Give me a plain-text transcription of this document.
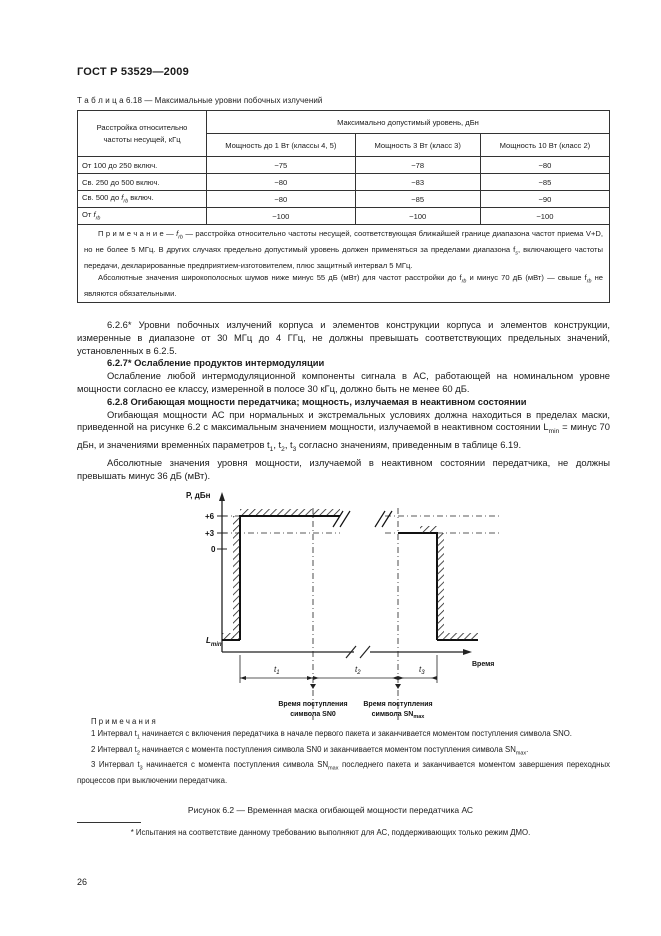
ГОСТ Р 53529—2009
Т а б л и ц а 6.18 — Максимальные уровни побочных излучений
Расстройка относительно частоты несущей, кГц	Максимально допустимый уровень, дБн		
	Мощность до 1 Вт (классы 4, 5)	Мощность 3 Вт (класс 3)	Мощность 10 Вт (класс 2)
От 100 до 250 включ.	−75	−78	−80
Св. 250 до 500 включ.	−80	−83	−85
Св. 500 до $f_{rb}$ включ.	−80	−85	−90
От $f_{rb}$	−100	−100	−100

П р и м е ч а н и е — $f_{rb}$ — расстройка относительно частоты несущей, соответствующая ближайшей границе диапазона частот приема V+D, но не более 5 МГц. В других случаях предельно допустимый уровень должен применяться за пределами диапазона $f_s$, включающего частоты передачи, декларированные предприятием-изготовителем, плюс защитный интервал 5 МГц.

Абсолютные значения широкополосных шумов ниже минус 55 дБ (мВт) для частот расстройки до $f_{rb}$ и минус 70 дБ (мВт) — свыше $f_{rb}$ не являются обязательными.			

6.2.6* Уровни побочных излучений корпуса и элементов конструкции корпуса и элементов конструкции, измеренные в диапазоне от 30 МГц до 4 ГГц, не должны превышать соответствующих предельных значений, установленных в 6.2.5.

6.2.7* Ослабление продуктов интермодуляции

Ослабление любой интермодуляционной компоненты сигнала в АС, работающей на номинальном уровне мощности согласно ее классу, измеренной в полосе 30 кГц, должно быть не менее 60 дБ.

6.2.8 Огибающая мощности передатчика; мощность, излучаемая в неактивном состоянии

Огибающая мощности АС при нормальных и экстремальных условиях должна находиться в пределах маски, приведенной на рисунке 6.2 с максимальным значением мощности, излучаемой в неактивном состоянии $L_{min}$ = минус 70 дБн, и значениями временны́х параметров $t_1$, $t_2$, $t_3$ согласно значениям, приведенным в таблице 6.19.

Абсолютные значения уровня мощности, излучаемой в неактивном состоянии передатчика, не должны превышать минус 36 дБ (мВт).

P, дБн
+6
+3
0
$L_{min}$
Время
$t_1$	$t_2$	$t_3$
Время поступления
символа SN0
Время поступления
символа $SN_{max}$

П р и м е ч а н и я

1 Интервал $t_1$ начинается с включения передатчика в начале первого пакета и заканчивается моментом поступления символа SNO.

2 Интервал $t_2$ начинается с момента поступления символа SN0 и заканчивается моментом поступления символа $SN_{max}$.

3 Интервал $t_3$ начинается с момента поступления символа $SN_{max}$ последнего пакета и заканчивается моментом завершения переходных процессов при выключении передатчика.

Рисунок 6.2 — Временная маска огибающей мощности передатчика АС
* Испытания на соответствие данному требованию выполняют для АС, поддерживающих только режим ДМО.
26
